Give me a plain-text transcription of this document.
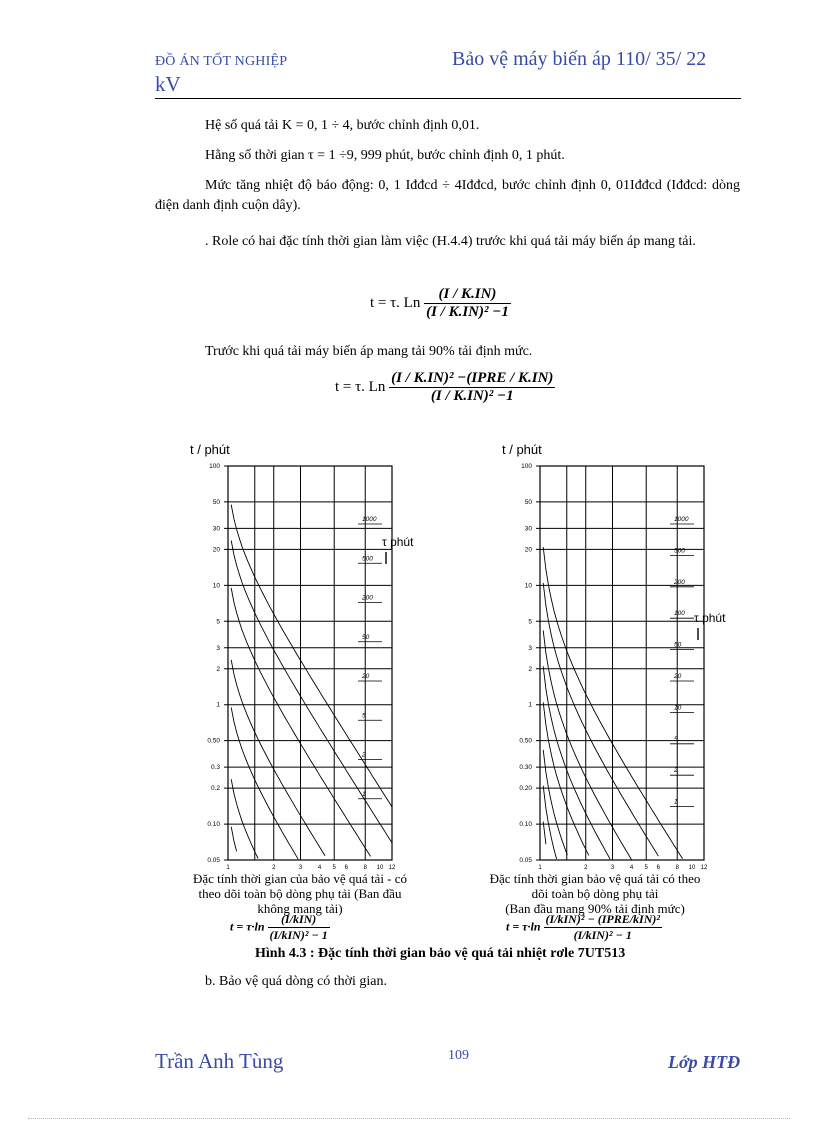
ĐỒ ÁN TỐT NGHIỆP
kV
Bảo vệ máy biến áp 110/ 35/ 22
Hệ số quá tải K = 0, 1 ÷ 4, bước chỉnh định 0,01.
Hằng số thời gian τ = 1 ÷9, 999 phút, bước chỉnh định 0, 1 phút.
Mức tăng nhiệt độ báo động: 0, 1 Iđđcd ÷ 4Iđđcd, bước chỉnh định 0, 01Iđđcd (Iđđcd: dòng điện danh định cuộn dây).
. Role có hai đặc tính thời gian làm việc (H.4.4) trước khi quá tải máy biến áp mang tải.
t = τ. Ln $\frac{(I / K.IN)}{\text{(I / K.IN)² −1}}$
Trước khi quá tải máy biến áp mang tải 90% tải định mức.
t = τ. Ln $\frac{\text{(I / K.IN)² −(IPRE / K.IN)}}{\text{(I / K.IN)² −1}}$
t / phút
100
50
30
20
10
5
3
2
1
0.50
0.3
0.2
0.10
0.05
1	2	3	4 5 6	8 10 12
τ phút
1000
500
200
50
20
5
2
1
t / phút
100
50
30
20
10
5
3
2
1
0.50
0.30
0.20
0.10
0.05
1	2	3	4 5 6	8 10 12
τ phút
1000
500
200
100
50
20
10
5
2
1
Đặc tính thời gian của bảo vệ quá tải - có
theo dõi toàn bộ dòng phụ tải (Ban đầu
không mang tải)
$t = \tau\cdot\ln \frac{\text{(I/kIN)}}{\text{(I/kIN)² − 1}}$
Đặc tính thời gian bảo vệ quá tải có theo
dõi toàn bộ dòng phụ tải
(Ban đầu mang 90% tải định mức)
$t = \tau\cdot\ln \frac{\text{(I/kIN)² − (IPRE/kIN)²}}{\text{(I/kIN)² − 1}}$
Hình 4.3 : Đặc tính thời gian bảo vệ quá tải nhiệt rơle 7UT513
b. Bảo vệ quá dòng có thời gian.
Trần Anh Tùng	109	Lớp HTĐ
